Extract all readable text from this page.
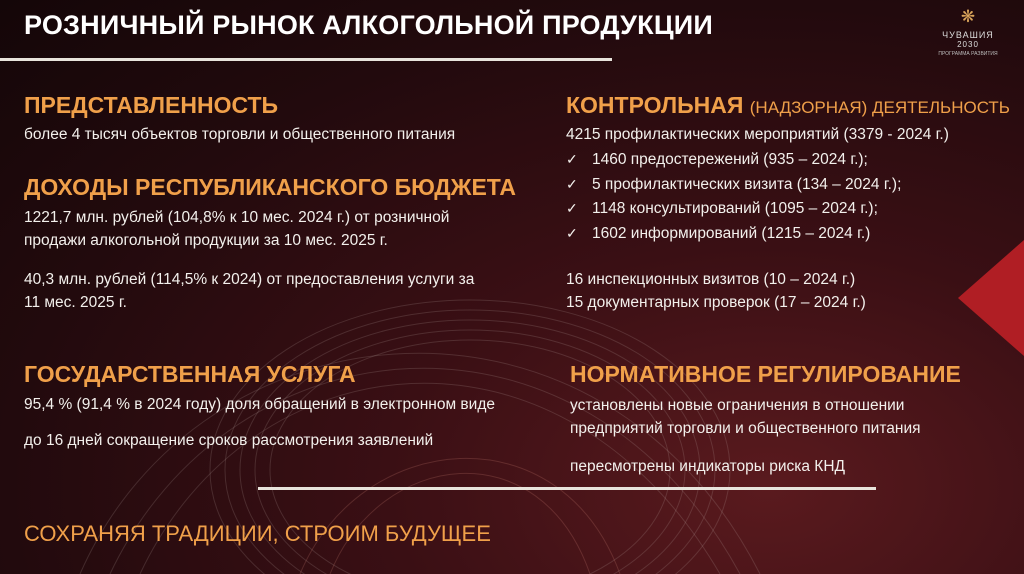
РОЗНИЧНЫЙ РЫНОК АЛКОГОЛЬНОЙ ПРОДУКЦИИ	❋
ЧУВАШИЯ
2030
ПРОГРАММА РАЗВИТИЯ
ПРЕДСТАВЛЕННОСТЬ
более 4 тысяч объектов торговли и общественного питания
ДОХОДЫ РЕСПУБЛИКАНСКОГО БЮДЖЕТА
1221,7 млн. рублей (104,8% к 10 мес. 2024 г.) от розничной
продажи алкогольной продукции за 10 мес. 2025 г.
40,3 млн. рублей (114,5% к 2024) от предоставления услуги за
11 мес. 2025 г.
ГОСУДАРСТВЕННАЯ УСЛУГА
95,4 % (91,4 % в 2024 году) доля обращений в электронном виде
до 16 дней сокращение сроков рассмотрения заявлений
КОНТРОЛЬНАЯ (НАДЗОРНАЯ) ДЕЯТЕЛЬНОСТЬ
4215 профилактических мероприятий (3379 - 2024 г.)
✓ 1460 предостережений (935 – 2024 г.);
✓ 5 профилактических визита (134 – 2024 г.);
✓ 1148 консультирований (1095 – 2024 г.);
✓ 1602 информирований (1215 – 2024 г.)
16 инспекционных визитов (10 – 2024 г.)
15 документарных проверок (17 – 2024 г.)
НОРМАТИВНОЕ РЕГУЛИРОВАНИЕ
установлены новые ограничения в отношении
предприятий торговли и общественного питания
пересмотрены индикаторы риска КНД
СОХРАНЯЯ ТРАДИЦИИ, СТРОИМ БУДУЩЕЕ
